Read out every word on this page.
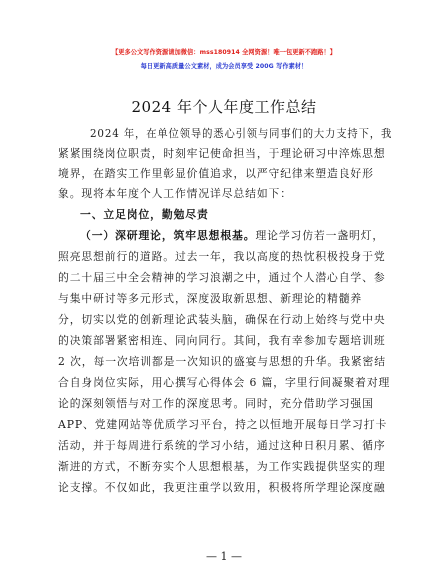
【更多公文写作资源请加微信：mss180914 全网资源！唯一包更新不跑路！】
每日更新高质量公文素材，成为会员享受 200G 写作素材！
2024 年个人年度工作总结
2024 年，在单位领导的悉心引领与同事们的大力支持下，我
紧紧围绕岗位职责，时刻牢记使命担当，于理论研习中淬炼思想
境界，在踏实工作里彰显价值追求，以严守纪律来塑造良好形
象。现将本年度个人工作情况详尽总结如下：
一、立足岗位，勤勉尽责
（一）深研理论，筑牢思想根基。理论学习仿若一盏明灯，
照亮思想前行的道路。过去一年，我以高度的热忱积极投身于党
的二十届三中全会精神的学习浪潮之中，通过个人潜心自学、参
与集中研讨等多元形式，深度汲取新思想、新理论的精髓养
分，切实以党的创新理论武装头脑，确保在行动上始终与党中央
的决策部署紧密相连、同向同行。其间，我有幸参加专题培训班
2 次，每一次培训都是一次知识的盛宴与思想的升华。我紧密结
合自身岗位实际，用心撰写心得体会 6 篇，字里行间凝聚着对理
论的深刻领悟与对工作的深度思考。同时，充分借助学习强国
APP、党建网站等优质学习平台，持之以恒地开展每日学习打卡
活动，并于每周进行系统的学习小结，通过这种日积月累、循序
渐进的方式，不断夯实个人思想根基，为工作实践提供坚实的理
论支撑。不仅如此，我更注重学以致用，积极将所学理论深度融
— 1 —
